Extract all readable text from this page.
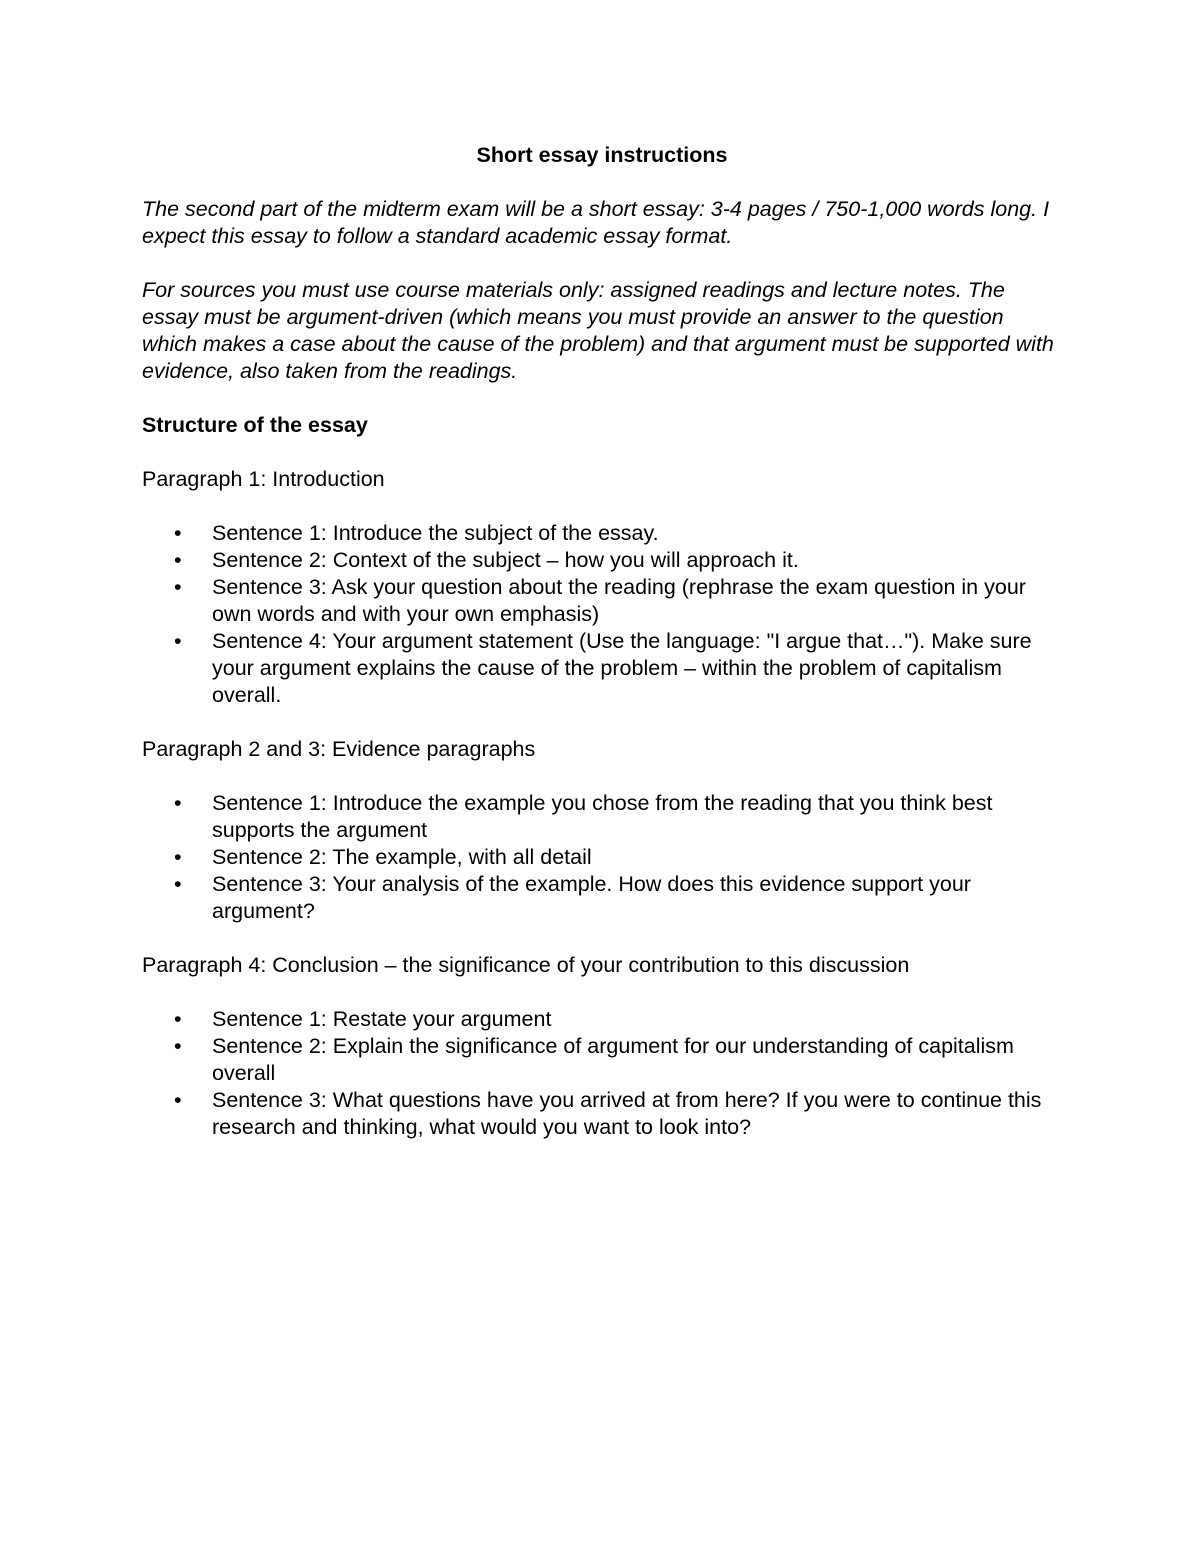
Short essay instructions

The second part of the midterm exam will be a short essay: 3-4 pages / 750-1,000 words long. I expect this essay to follow a standard academic essay format.

For sources you must use course materials only: assigned readings and lecture notes. The essay must be argument-driven (which means you must provide an answer to the question which makes a case about the cause of the problem) and that argument must be supported with evidence, also taken from the readings.

Structure of the essay

Paragraph 1: Introduction

• Sentence 1: Introduce the subject of the essay.
• Sentence 2: Context of the subject – how you will approach it.
• Sentence 3: Ask your question about the reading (rephrase the exam question in your own words and with your own emphasis)
• Sentence 4: Your argument statement (Use the language: "I argue that…"). Make sure your argument explains the cause of the problem – within the problem of capitalism overall.

Paragraph 2 and 3: Evidence paragraphs

• Sentence 1: Introduce the example you chose from the reading that you think best supports the argument
• Sentence 2: The example, with all detail
• Sentence 3: Your analysis of the example. How does this evidence support your argument?

Paragraph 4: Conclusion – the significance of your contribution to this discussion

• Sentence 1: Restate your argument
• Sentence 2: Explain the significance of argument for our understanding of capitalism overall
• Sentence 3: What questions have you arrived at from here? If you were to continue this research and thinking, what would you want to look into?
